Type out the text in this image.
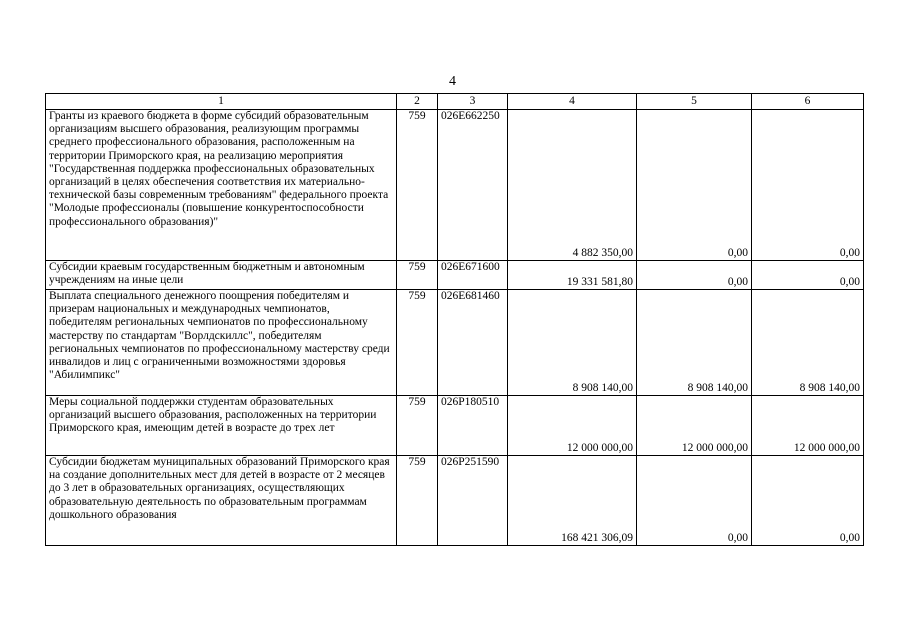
4
1	2	3	4	5	6
Гранты из краевого бюджета в форме субсидий образовательным организациям высшего образования, реализующим программы среднего профессионального образования, расположенным на территории Приморского края, на реализацию мероприятия "Государственная поддержка профессиональных образовательных организаций в целях обеспечения соответствия их материально-технической базы современным требованиям" федерального проекта "Молодые профессионалы (повышение конкурентоспособности профессионального образования)"	759	026E662250	4 882 350,00	0,00	0,00
Субсидии краевым государственным бюджетным и автономным учреждениям на иные цели	759	026E671600	19 331 581,80	0,00	0,00
Выплата специального денежного поощрения победителям и призерам национальных и международных чемпионатов, победителям региональных чемпионатов по профессиональному мастерству по стандартам "Ворлдскиллс", победителям региональных чемпионатов по профессиональному мастерству среди инвалидов и лиц с ограниченными возможностями здоровья "Абилимпикс"	759	026E681460	8 908 140,00	8 908 140,00	8 908 140,00
Меры социальной поддержки студентам образовательных организаций высшего образования, расположенных на территории Приморского края, имеющим детей в возрасте до трех лет	759	026P180510	12 000 000,00	12 000 000,00	12 000 000,00
Субсидии бюджетам муниципальных образований Приморского края на создание дополнительных мест для детей в возрасте от 2 месяцев до 3 лет в образовательных организациях, осуществляющих образовательную деятельность по образовательным программам дошкольного образования	759	026P251590	168 421 306,09	0,00	0,00
